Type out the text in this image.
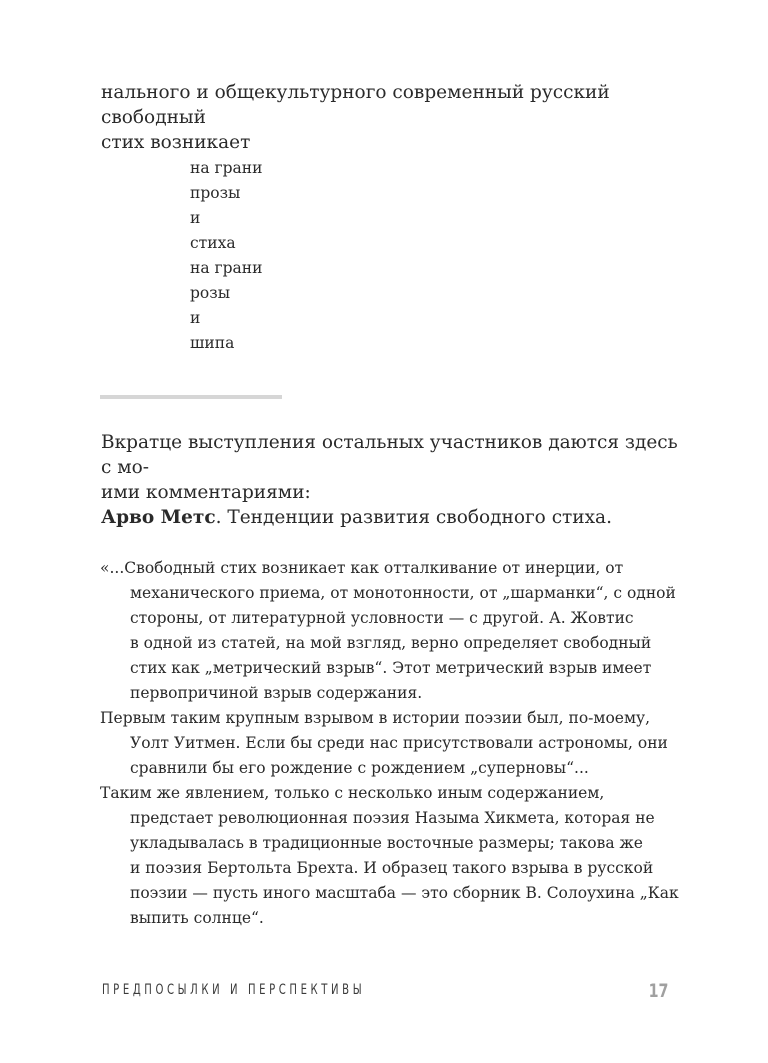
нального и общекультурного современный русский свободный
стих возникает

на грани
прозы
и
стиха
на грани
розы
и
шипа

Вкратце выступления остальных участников даются здесь с мо-
ими комментариями:

Арво Метс. Тенденции развития свободного стиха.

«...Свободный стих возникает как отталкивание от инерции, от
механического приема, от монотонности, от „шарманки“, с одной
стороны, от литературной условности — с другой. А. Жовтис
в одной из статей, на мой взгляд, верно определяет свободный
стих как „метрический взрыв“. Этот метрический взрыв имеет
первопричиной взрыв содержания.
Первым таким крупным взрывом в истории поэзии был, по-моему,
Уолт Уитмен. Если бы среди нас присутствовали астрономы, они
сравнили бы его рождение с рождением „суперновы“...
Таким же явлением, только с несколько иным содержанием,
предстает революционная поэзия Назыма Хикмета, которая не
укладывалась в традиционные восточные размеры; такова же
и поэзия Бертольта Брехта. И образец такого взрыва в русской
поэзии — пусть иного масштаба — это сборник В. Солоухина „Как
выпить солнце“.
ПРЕДПОСЫЛКИ И ПЕРСПЕКТИВЫ	17
